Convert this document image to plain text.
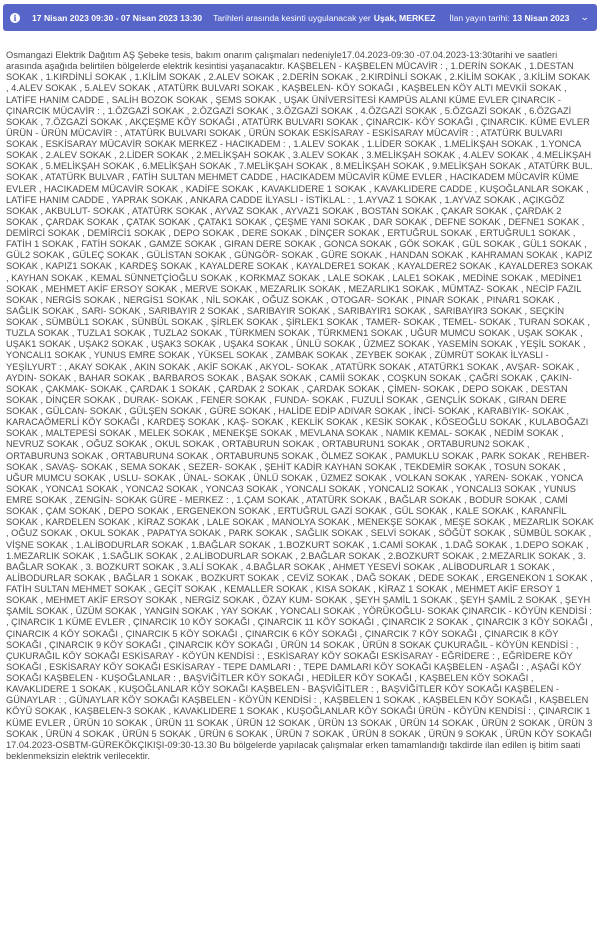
i	17 Nisan 2023 09:30 - 07 Nisan 2023 13:30 Tarihleri arasında kesinti uygulanacak yer Uşak, MERKEZ İlan yayın tarihi: 13 Nisan 2023 ⌄
Osmangazi Elektrik Dağıtım AŞ Şebeke tesis, bakım onarım çalışmaları nedeniyle17.04.2023-09:30 -07.04.2023-13:30tarihi ve saatleri arasında aşağıda belirtilen bölgelerde elektrik kesintisi yaşanacaktır. KAŞBELEN - KAŞBELEN MÜCAVİR : , 1.DERİN SOKAK , 1.DESTAN SOKAK , 1.KIRDİNLİ SOKAK , 1.KİLİM SOKAK , 2.ALEV SOKAK , 2.DERİN SOKAK , 2.KIRDİNLİ SOKAK , 2.KİLİM SOKAK , 3.KİLİM SOKAK , 4.ALEV SOKAK , 5.ALEV SOKAK , ATATÜRK BULVARI SOKAK , KAŞBELEN- KÖY SOKAĞI , KAŞBELEN KÖY ALTI MEVKİİ SOKAK , LATİFE HANIM CADDE , SALİH BOZOK SOKAK , ŞEMS SOKAK , UŞAK ÜNİVERSİTESİ KAMPÜS ALANI KÜME EVLER ÇINARCIK - ÇINARCIK MÜCAVİR : , 1.ÖZGAZİ SOKAK , 2.ÖZGAZİ SOKAK , 3.ÖZGAZİ SOKAK , 4.ÖZGAZİ SOKAK , 5.ÖZGAZİ SOKAK , 6.ÖZGAZİ SOKAK , 7.ÖZGAZİ SOKAK , AKÇEŞME KÖY SOKAĞI , ATATÜRK BULVARI SOKAK , ÇINARCIK- KÖY SOKAĞI , ÇINARCIK. KÜME EVLER ÜRÜN - ÜRÜN MÜCAVİR : , ATATÜRK BULVARI SOKAK , ÜRÜN SOKAK ESKİSARAY - ESKİSARAY MÜCAVİR : , ATATÜRK BULVARI SOKAK , ESKİSARAY MÜCAVİR SOKAK MERKEZ - HACIKADEM : , 1.ALEV SOKAK , 1.LİDER SOKAK , 1.MELİKŞAH SOKAK , 1.YONCA SOKAK , 2.ALEV SOKAK , 2.LİDER SOKAK , 2.MELİKŞAH SOKAK , 3.ALEV SOKAK , 3.MELİKŞAH SOKAK , 4.ALEV SOKAK , 4.MELİKŞAH SOKAK , 5.MELİKŞAH SOKAK , 6.MELİKŞAH SOKAK , 7.MELİKŞAH SOKAK , 8.MELİKŞAH SOKAK , 9.MELİKŞAH SOKAK , ATATÜRK BUL. SOKAK , ATATÜRK BULVAR , FATİH SULTAN MEHMET CADDE , HACIKADEM MÜCAVİR KÜME EVLER , HACIKADEM MÜCAVİR KÜME EVLER , HACIKADEM MÜCAVİR SOKAK , KADİFE SOKAK , KAVAKLIDERE 1 SOKAK , KAVAKLIDERE CADDE , KUŞOĞLANLAR SOKAK , LATİFE HANIM CADDE , YAPRAK SOKAK , ANKARA CADDE İLYASLI - İSTİKLAL : , 1.AYVAZ 1 SOKAK , 1.AYVAZ SOKAK , AÇIKGÖZ SOKAK , AKBULUT- SOKAK , ATATÜRK SOKAK , AYVAZ SOKAK , AYVAZ1 SOKAK , BOSTAN SOKAK , ÇAKAR SOKAK , ÇARDAK 2 SOKAK , ÇARDAK SOKAK , ÇATAK SOKAK , ÇATAK1 SOKAK , ÇEŞME YANI SOKAK , DAR SOKAK , DEFNE SOKAK , DEFNE1 SOKAK , DEMİRCİ SOKAK , DEMİRCİ1 SOKAK , DEPO SOKAK , DERE SOKAK , DİNÇER SOKAK , ERTUĞRUL SOKAK , ERTUĞRUL1 SOKAK , FATİH 1 SOKAK , FATİH SOKAK , GAMZE SOKAK , GIRAN DERE SOKAK , GONCA SOKAK , GÖK SOKAK , GÜL SOKAK , GÜL1 SOKAK , GÜL2 SOKAK , GÜLEÇ SOKAK , GÜLİSTAN SOKAK , GÜNGÖR- SOKAK , GÜRE SOKAK , HANDAN SOKAK , KAHRAMAN SOKAK , KAPIZ SOKAK , KAPIZ1 SOKAK , KARDEŞ SOKAK , KAYALDERE SOKAK , KAYALDERE1 SOKAK , KAYALDERE2 SOKAK , KAYALDERE3 SOKAK , KAYHAN SOKAK , KEMAL SÜNNETÇİOĞLU SOKAK , KORKMAZ SOKAK , LALE SOKAK , LALE1 SOKAK , MEDİNE SOKAK , MEDİNE1 SOKAK , MEHMET AKİF ERSOY SOKAK , MERVE SOKAK , MEZARLIK SOKAK , MEZARLIK1 SOKAK , MÜMTAZ- SOKAK , NECİP FAZIL SOKAK , NERGİS SOKAK , NERGİS1 SOKAK , NİL SOKAK , OĞUZ SOKAK , OTOGAR- SOKAK , PINAR SOKAK , PINAR1 SOKAK , SAĞLIK SOKAK , SARI- SOKAK , SARIBAYIR 2 SOKAK , SARIBAYIR SOKAK , SARIBAYIR1 SOKAK , SARIBAYIR3 SOKAK , SEÇKİN SOKAK , SÜMBÜL1 SOKAK , SÜNBÜL SOKAK , ŞİRLEK SOKAK , ŞİRLEK1 SOKAK , TAMER- SOKAK , TEMEL- SOKAK , TURAN SOKAK , TUZLA SOKAK , TUZLA1 SOKAK , TUZLA2 SOKAK , TÜRKMEN SOKAK , TÜRKMEN1 SOKAK , UĞUR MUMCU SOKAK , UŞAK SOKAK , UŞAK1 SOKAK , UŞAK2 SOKAK , UŞAK3 SOKAK , UŞAK4 SOKAK , ÜNLÜ SOKAK , ÜZMEZ SOKAK , YASEMİN SOKAK , YEŞİL SOKAK , YONCALI1 SOKAK , YUNUS EMRE SOKAK , YÜKSEL SOKAK , ZAMBAK SOKAK , ZEYBEK SOKAK , ZÜMRÜT SOKAK İLYASLI - YEŞİLYURT : , AKAY SOKAK , AKIN SOKAK , AKİF SOKAK , AKYOL- SOKAK , ATATÜRK SOKAK , ATATÜRK1 SOKAK , AVŞAR- SOKAK , AYDIN- SOKAK , BAHAR SOKAK , BARBAROS SOKAK , BAŞAK SOKAK , CAMİİ SOKAK , COŞKUN SOKAK , ÇAĞRI SOKAK , ÇAKIN- SOKAK , ÇAKMAK- SOKAK , ÇARDAK 1 SOKAK , ÇARDAK 2 SOKAK , ÇARDAK SOKAK , ÇİMEN- SOKAK , DEPO SOKAK , DESTAN SOKAK , DİNÇER SOKAK , DURAK- SOKAK , FENER SOKAK , FUNDA- SOKAK , FUZULİ SOKAK , GENÇLİK SOKAK , GIRAN DERE SOKAK , GÜLCAN- SOKAK , GÜLŞEN SOKAK , GÜRE SOKAK , HALİDE EDİP ADIVAR SOKAK , İNCİ- SOKAK , KARABIYIK- SOKAK , KARACAÖMERLİ KÖY SOKAĞI , KARDEŞ SOKAK , KAŞ- SOKAK , KEKLİK SOKAK , KESİK SOKAK , KÖSEOĞLU SOKAK , KULABOĞAZI SOKAK , MALTEPESİ SOKAK , MELEK SOKAK , MENEKŞE SOKAK , MEVLANA SOKAK , NAMIK KEMAL- SOKAK , NEDİM SOKAK , NEVRUZ SOKAK , OĞUZ SOKAK , OKUL SOKAK , ORTABURUN SOKAK , ORTABURUN1 SOKAK , ORTABURUN2 SOKAK , ORTABURUN3 SOKAK , ORTABURUN4 SOKAK , ORTABURUN5 SOKAK , ÖLMEZ SOKAK , PAMUKLU SOKAK , PARK SOKAK , REHBER- SOKAK , SAVAŞ- SOKAK , SEMA SOKAK , SEZER- SOKAK , ŞEHİT KADİR KAYHAN SOKAK , TEKDEMİR SOKAK , TOSUN SOKAK , UĞUR MUMCU SOKAK , USLU- SOKAK , ÜNAL- SOKAK , ÜNLÜ SOKAK , ÜZMEZ SOKAK , VOLKAN SOKAK , YAREN- SOKAK , YONCA SOKAK , YONCA1 SOKAK , YONCA2 SOKAK , YONCA3 SOKAK , YONCALI SOKAK , YONCALI2 SOKAK , YONCALI3 SOKAK , YUNUS EMRE SOKAK , ZENGİN- SOKAK GÜRE - MERKEZ : , 1.ÇAM SOKAK , ATATÜRK SOKAK , BAĞLAR SOKAK , BODUR SOKAK , CAMİ SOKAK , ÇAM SOKAK , DEPO SOKAK , ERGENEKON SOKAK , ERTUĞRUL GAZİ SOKAK , GÜL SOKAK , KALE SOKAK , KARANFİL SOKAK , KARDELEN SOKAK , KİRAZ SOKAK , LALE SOKAK , MANOLYA SOKAK , MENEKŞE SOKAK , MEŞE SOKAK , MEZARLIK SOKAK , OĞUZ SOKAK , OKUL SOKAK , PAPATYA SOKAK , PARK SOKAK , SAĞLIK SOKAK , SELVİ SOKAK , SÖĞÜT SOKAK , SÜMBÜL SOKAK , VİŞNE SOKAK , 1.ALİBODURLAR SOKAK , 1.BAĞLAR SOKAK , 1.BOZKURT SOKAK , 1.CAMİ SOKAK , 1.DAĞ SOKAK , 1.DEPO SOKAK , 1.MEZARLIK SOKAK , 1.SAĞLIK SOKAK , 2.ALİBODURLAR SOKAK , 2.BAĞLAR SOKAK , 2.BOZKURT SOKAK , 2.MEZARLIK SOKAK , 3. BAĞLAR SOKAK , 3. BOZKURT SOKAK , 3.ALİ SOKAK , 4.BAĞLAR SOKAK , AHMET YESEVİ SOKAK , ALİBODURLAR 1 SOKAK , ALİBODURLAR SOKAK , BAĞLAR 1 SOKAK , BOZKURT SOKAK , CEVİZ SOKAK , DAĞ SOKAK , DEDE SOKAK , ERGENEKON 1 SOKAK , FATİH SULTAN MEHMET SOKAK , GEÇİT SOKAK , KEMALLER SOKAK , KISA SOKAK , KİRAZ 1 SOKAK , MEHMET AKİF ERSOY 1 SOKAK , MEHMET AKİF ERSOY SOKAK , NERGİZ SOKAK , ÖZAY KUM- SOKAK , ŞEYH ŞAMİL 1 SOKAK , ŞEYH ŞAMİL 2 SOKAK , ŞEYH ŞAMİL SOKAK , ÜZÜM SOKAK , YANGIN SOKAK , YAY SOKAK , YONCALI SOKAK , YÖRÜKOĞLU- SOKAK ÇINARCIK - KÖYÜN KENDİSİ : , ÇINARCIK 1 KÜME EVLER , ÇINARCIK 10 KÖY SOKAĞI , ÇINARCIK 11 KÖY SOKAĞI , ÇINARCIK 2 SOKAK , ÇINARCIK 3 KÖY SOKAĞI , ÇINARCIK 4 KÖY SOKAĞI , ÇINARCIK 5 KÖY SOKAĞI , ÇINARCIK 6 KÖY SOKAĞI , ÇINARCIK 7 KÖY SOKAĞI , ÇINARCIK 8 KÖY SOKAĞI , ÇINARCIK 9 KÖY SOKAĞI , ÇINARCIK KÖY SOKAĞI , ÜRÜN 14 SOKAK , ÜRÜN 8 SOKAK ÇUKURAĞIL - KÖYÜN KENDİSİ : , ÇUKURAĞIL KÖY SOKAĞI ESKİSARAY - KÖYÜN KENDİSİ : , ESKİSARAY KÖY SOKAĞI ESKİSARAY - EĞRİDERE : , EĞRİDERE KÖY SOKAĞI , ESKİSARAY KÖY SOKAĞI ESKİSARAY - TEPE DAMLARI : , TEPE DAMLARI KÖY SOKAĞI KAŞBELEN - AŞAĞI : , AŞAĞI KÖY SOKAĞI KAŞBELEN - KUŞOĞLANLAR : , BAŞVİĞİTLER KÖY SOKAĞI , HEDİLER KÖY SOKAĞI , KAŞBELEN KÖY SOKAĞI , KAVAKLIDERE 1 SOKAK , KUŞOĞLANLAR KÖY SOKAĞI KAŞBELEN - BAŞVİĞİTLER : , BAŞVİĞİTLER KÖY SOKAĞI KAŞBELEN - GÜNAYLAR : , GÜNAYLAR KÖY SOKAĞI KAŞBELEN - KÖYÜN KENDİSİ : , KAŞBELEN 1 SOKAK , KAŞBELEN KÖY SOKAĞI , KAŞBELEN KÖYÜ SOKAK , KAŞBELEN-3 SOKAK , KAVAKLIDERE 1 SOKAK , KUŞOĞLANLAR KÖY SOKAĞI ÜRÜN - KÖYÜN KENDİSİ : , ÇINARCIK 1 KÜME EVLER , ÜRÜN 10 SOKAK , ÜRÜN 11 SOKAK , ÜRÜN 12 SOKAK , ÜRÜN 13 SOKAK , ÜRÜN 14 SOKAK , ÜRÜN 2 SOKAK , ÜRÜN 3 SOKAK , ÜRÜN 4 SOKAK , ÜRÜN 5 SOKAK , ÜRÜN 6 SOKAK , ÜRÜN 7 SOKAK , ÜRÜN 8 SOKAK , ÜRÜN 9 SOKAK , ÜRÜN KÖY SOKAĞI 17.04.2023-OSBTM-GÜREKÖKÇIKIŞI-09:30-13.30 Bu bölgelerde yapılacak çalışmalar erken tamamlandığı takdirde ilan edilen iş bitim saati beklenmeksizin elektrik verilecektir.
